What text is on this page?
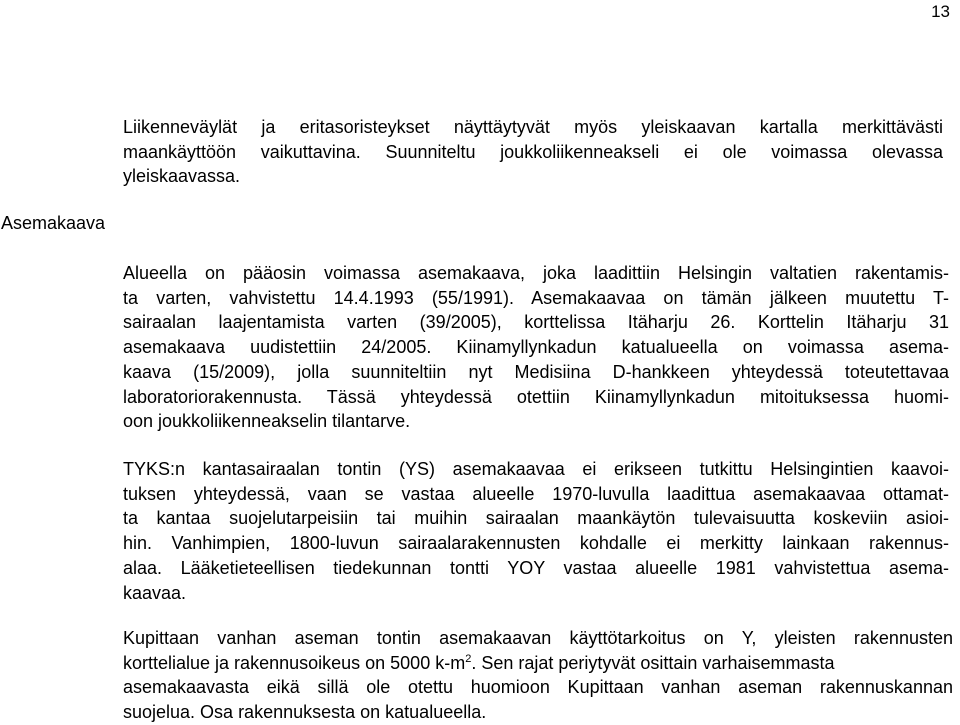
13
Asemakaava

Liikenneväylät ja eritasoristeykset näyttäytyvät myös yleiskaavan kartalla merkittävästi
maankäyttöön vaikuttavina. Suunniteltu joukkoliikenneakseli ei ole voimassa olevassa
yleiskaavassa.

Alueella on pääosin voimassa asemakaava, joka laadittiin Helsingin valtatien rakentamis-
ta varten, vahvistettu 14.4.1993 (55/1991). Asemakaavaa on tämän jälkeen muutettu T-
sairaalan laajentamista varten (39/2005), korttelissa Itäharju 26. Korttelin Itäharju 31
asemakaava uudistettiin 24/2005. Kiinamyllynkadun katualueella on voimassa asema-
kaava (15/2009), jolla suunniteltiin nyt Medisiina D-hankkeen yhteydessä toteutettavaa
laboratoriorakennusta. Tässä yhteydessä otettiin Kiinamyllynkadun mitoituksessa huomi-
oon joukkoliikenneakselin tilantarve.

TYKS:n kantasairaalan tontin (YS) asemakaavaa ei erikseen tutkittu Helsingintien kaavoi-
tuksen yhteydessä, vaan se vastaa alueelle 1970-luvulla laadittua asemakaavaa ottamat-
ta kantaa suojelutarpeisiin tai muihin sairaalan maankäytön tulevaisuutta koskeviin asioi-
hin. Vanhimpien, 1800-luvun sairaalarakennusten kohdalle ei merkitty lainkaan rakennus-
alaa. Lääketieteellisen tiedekunnan tontti YOY vastaa alueelle 1981 vahvistettua asema-
kaavaa.

Kupittaan vanhan aseman tontin asemakaavan käyttötarkoitus on Y, yleisten rakennusten
korttelialue ja rakennusoikeus on 5000 $k-m^2$. Sen rajat periytyvät osittain varhaisemmasta
asemakaavasta eikä sillä ole otettu huomioon Kupittaan vanhan aseman rakennuskannan
suojelua. Osa rakennuksesta on katualueella.
